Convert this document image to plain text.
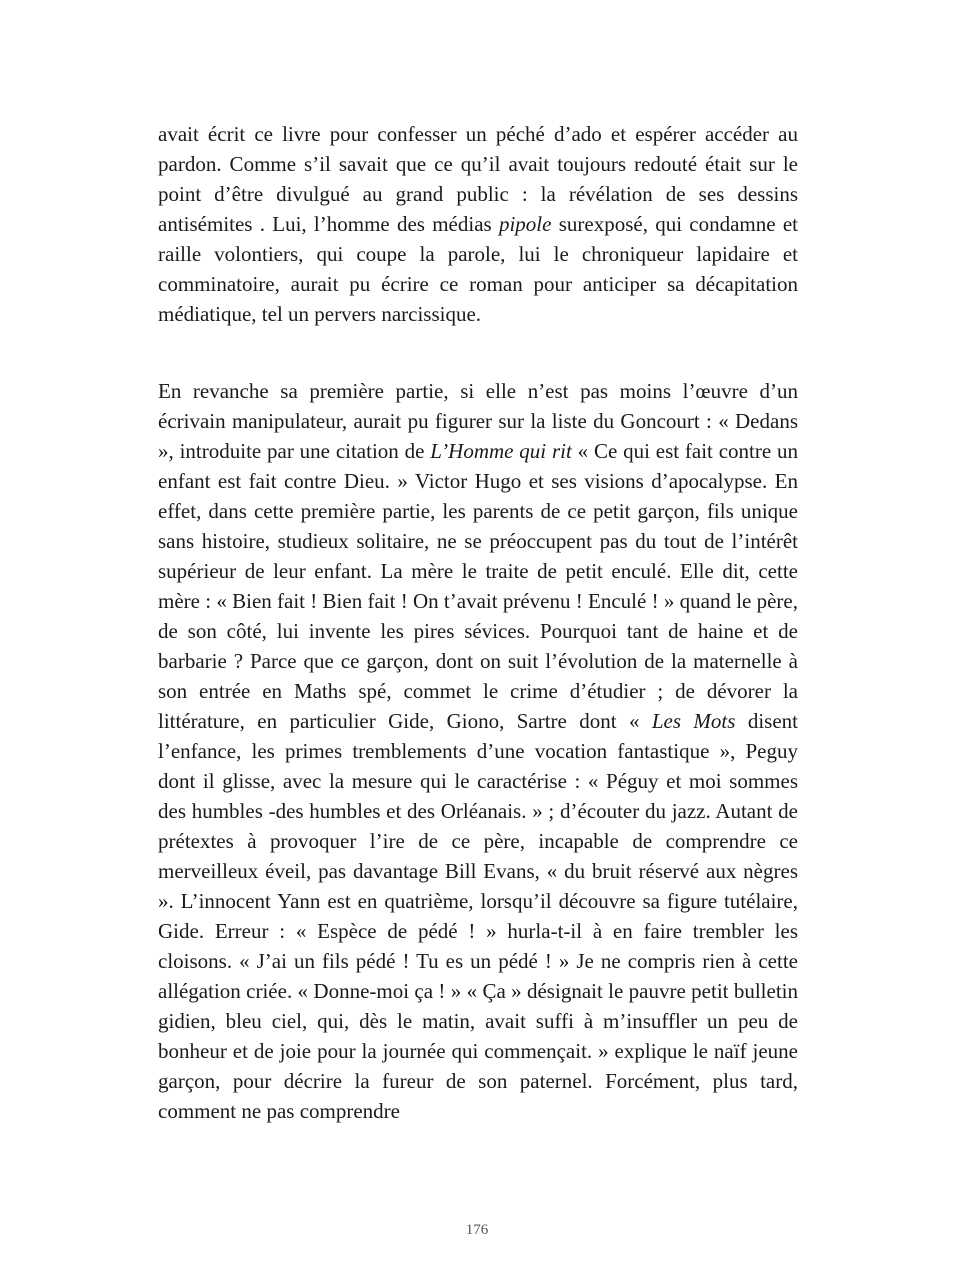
avait écrit ce livre pour confesser un péché d’ado et espérer accéder au pardon. Comme s’il savait que ce qu’il avait toujours redouté était sur le point d’être divulgué au grand public : la révélation de ses dessins antisémites . Lui, l’homme des médias pipole surexposé, qui condamne et raille volontiers, qui coupe la parole, lui le chroniqueur lapidaire et comminatoire, aurait pu écrire ce roman pour anticiper sa décapitation médiatique, tel un pervers narcissique.

En revanche sa première partie, si elle n’est pas moins l’œuvre d’un écrivain manipulateur, aurait pu figurer sur la liste du Goncourt : « Dedans », introduite par une citation de L’Homme qui rit « Ce qui est fait contre un enfant est fait contre Dieu. » Victor Hugo et ses visions d’apocalypse. En effet, dans cette première partie, les parents de ce petit garçon, fils unique sans histoire, studieux solitaire, ne se préoccupent pas du tout de l’intérêt supérieur de leur enfant. La mère le traite de petit enculé. Elle dit, cette mère : « Bien fait ! Bien fait ! On t’avait prévenu ! Enculé ! » quand le père, de son côté, lui invente les pires sévices. Pourquoi tant de haine et de barbarie ? Parce que ce garçon, dont on suit l’évolution de la maternelle à son entrée en Maths spé, commet le crime d’étudier ; de dévorer la littérature, en particulier Gide, Giono, Sartre dont « Les Mots disent l’enfance, les primes tremblements d’une vocation fantastique », Peguy dont il glisse, avec la mesure qui le caractérise : « Péguy et moi sommes des humbles -des humbles et des Orléanais. » ; d’écouter du jazz. Autant de prétextes à provoquer l’ire de ce père, incapable de comprendre ce merveilleux éveil, pas davantage Bill Evans, « du bruit réservé aux nègres ». L’innocent Yann est en quatrième, lorsqu’il découvre sa figure tutélaire, Gide. Erreur : « Espèce de pédé ! » hurla-t-il à en faire trembler les cloisons. « J’ai un fils pédé ! Tu es un pédé ! » Je ne compris rien à cette allégation criée. « Donne-moi ça ! » « Ça » désignait le pauvre petit bulletin gidien, bleu ciel, qui, dès le matin, avait suffi à m’insuffler un peu de bonheur et de joie pour la journée qui commençait. » explique le naïf jeune garçon, pour décrire la fureur de son paternel. Forcément, plus tard, comment ne pas comprendre

176
